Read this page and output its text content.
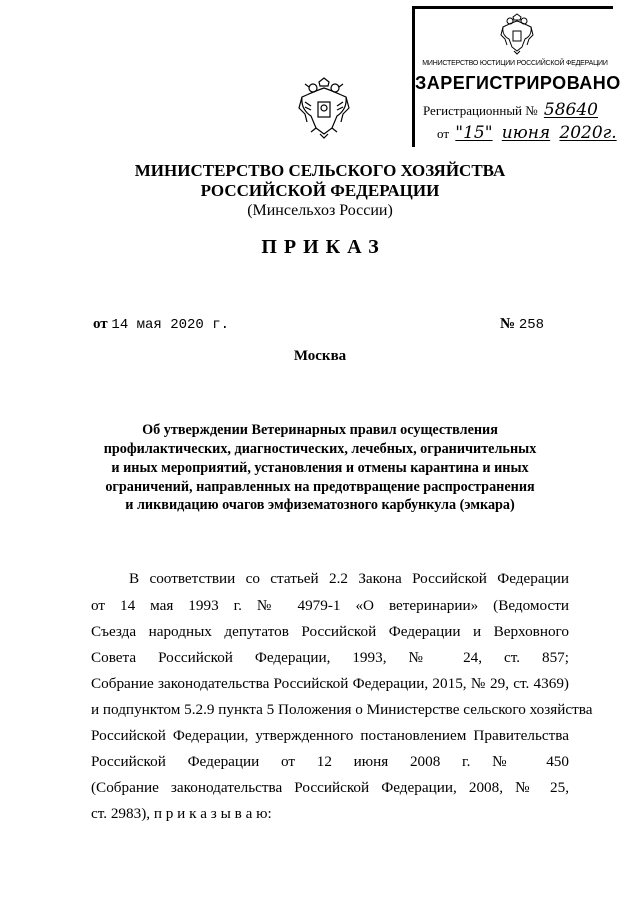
МИНИСТЕРСТВО ЮСТИЦИИ РОССИЙСКОЙ ФЕДЕРАЦИИ
ЗАРЕГИСТРИРОВАНО
Регистрационный № 58640
от "15" июня 2020г.
МИНИСТЕРСТВО СЕЛЬСКОГО ХОЗЯЙСТВА
РОССИЙСКОЙ ФЕДЕРАЦИИ
(Минсельхоз России)
ПРИКАЗ
от 14 мая 2020 г.	№ 258
Москва
Об утверждении Ветеринарных правил осуществления
профилактических, диагностических, лечебных, ограничительных
и иных мероприятий, установления и отмены карантина и иных
ограничений, направленных на предотвращение распространения
и ликвидацию очагов эмфизематозного карбункула (эмкара)
В соответствии со статьей 2.2 Закона Российской Федерации
от 14 мая 1993 г. № 4979-1 «О ветеринарии» (Ведомости
Съезда народных депутатов Российской Федерации и Верховного
Совета Российской Федерации, 1993, № 24, ст. 857;
Собрание законодательства Российской Федерации, 2015, № 29, ст. 4369)
и подпунктом 5.2.9 пункта 5 Положения о Министерстве сельского хозяйства
Российской Федерации, утвержденного постановлением Правительства
Российской Федерации от 12 июня 2008 г. № 450
(Собрание законодательства Российской Федерации, 2008, № 25,
ст. 2983), п р и к а з ы в а ю:
